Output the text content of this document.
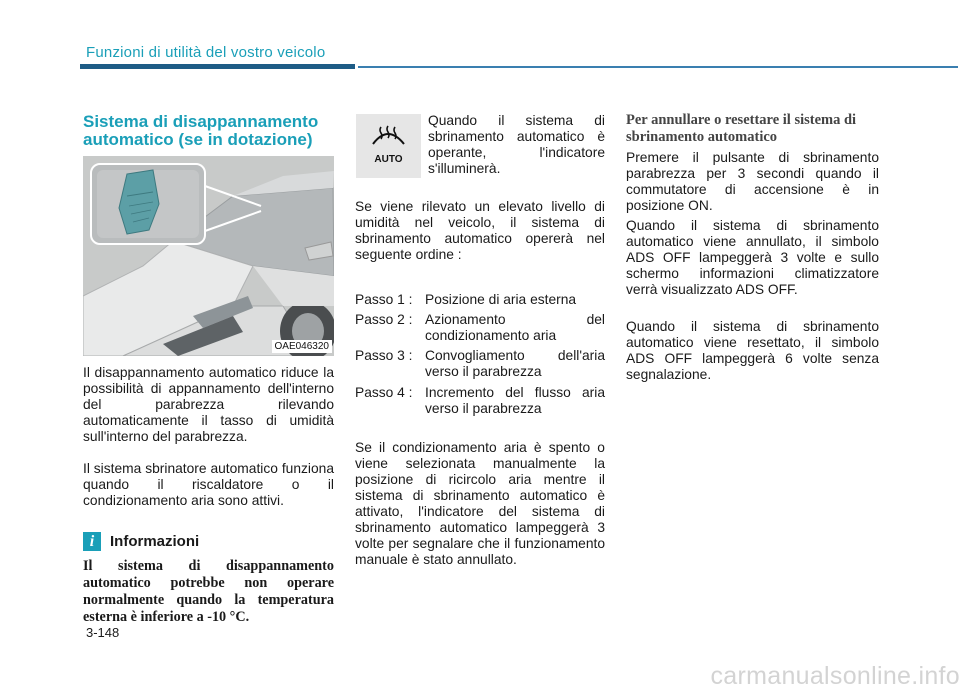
Funzioni di utilità del vostro veicolo
Sistema di disappannamento
automatico (se in dotazione)
OAE046320

Il disappannamento automatico riduce la possibilità di appannamento dell'interno del parabrezza rilevando automaticamente il tasso di umidità sull'interno del parabrezza.

Il sistema sbrinatore automatico funziona quando il riscaldatore o il condizionamento aria sono attivi.

i	Informazioni

Il sistema di disappannamento automatico potrebbe non operare normalmente quando la temperatura esterna è inferiore a -10 °C.

AUTO

Quando il sistema di sbrinamento automatico è operante, l'indicatore s'illuminerà.

Se viene rilevato un elevato livello di umidità nel veicolo, il sistema di sbrinamento automatico opererà nel seguente ordine :

Passo 1 : Posizione di aria esterna
Passo 2 : Azionamento del condizionamento aria
Passo 3 : Convogliamento dell'aria verso il parabrezza
Passo 4 : Incremento del flusso aria verso il parabrezza

Se il condizionamento aria è spento o viene selezionata manualmente la posizione di ricircolo aria mentre il sistema di sbrinamento automatico è attivato, l'indicatore del sistema di sbrinamento automatico lampeggerà 3 volte per segnalare che il funzionamento manuale è stato annullato.

Per annullare o resettare il sistema di sbrinamento automatico

Premere il pulsante di sbrinamento parabrezza per 3 secondi quando il commutatore di accensione è in posizione ON.

Quando il sistema di sbrinamento automatico viene annullato, il simbolo ADS OFF lampeggerà 3 volte e sullo schermo informazioni climatizzatore verrà visualizzato ADS OFF.

Quando il sistema di sbrinamento automatico viene resettato, il simbolo ADS OFF lampeggerà 6 volte senza segnalazione.

3-148
carmanualsonline.info
